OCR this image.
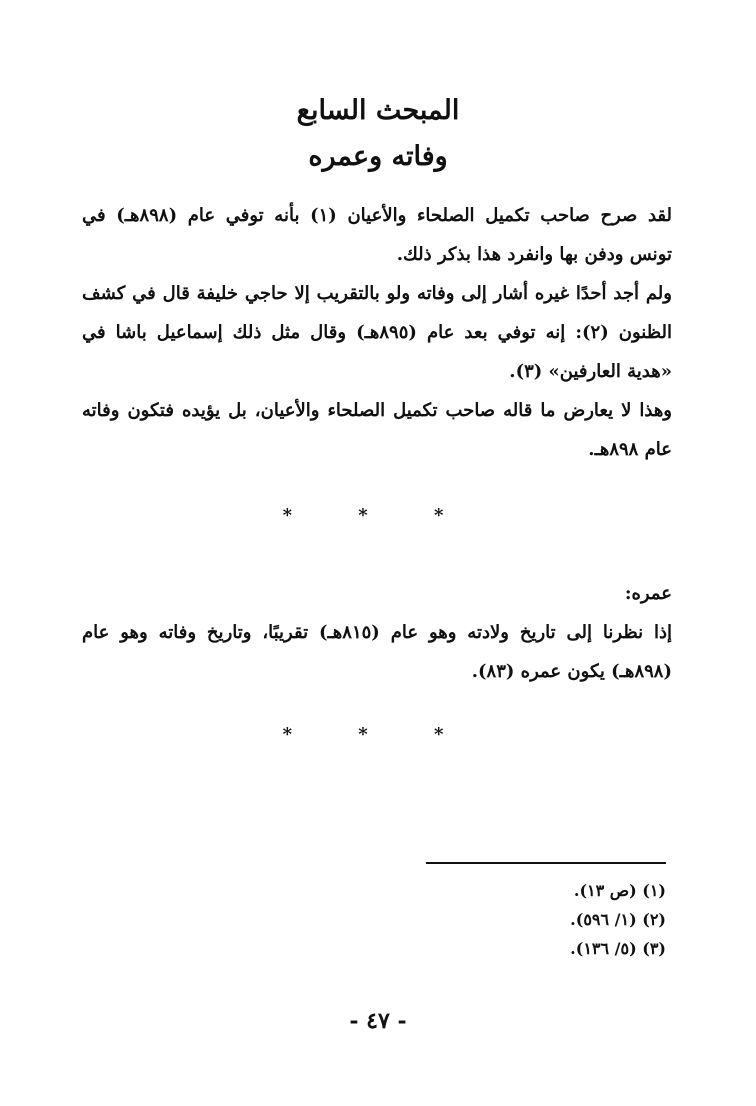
المبحث السابع
وفاته وعمره

لقد صرح صاحب تكميل الصلحاء والأعيان (١) بأنه توفي عام (٨٩٨هـ) في تونس ودفن بها وانفرد هذا بذكر ذلك.

ولم أجد أحدًا غيره أشار إلى وفاته ولو بالتقريب إلا حاجي خليفة قال في كشف الظنون (٢): إنه توفي بعد عام (٨٩٥هـ) وقال مثل ذلك إسماعيل باشا في «هدية العارفين» (٣).

وهذا لا يعارض ما قاله صاحب تكميل الصلحاء والأعيان، بل يؤيده فتكون وفاته عام ٨٩٨هـ.

* * *

عمره:

إذا نظرنا إلى تاريخ ولادته وهو عام (٨١٥هـ) تقريبًا، وتاريخ وفاته وهو عام (٨٩٨هـ) يكون عمره (٨٣).

* * *
(١) (ص ١٣).
(٢) (١/ ٥٩٦).
(٣) (٥/ ١٣٦).
- ٤٧ -
